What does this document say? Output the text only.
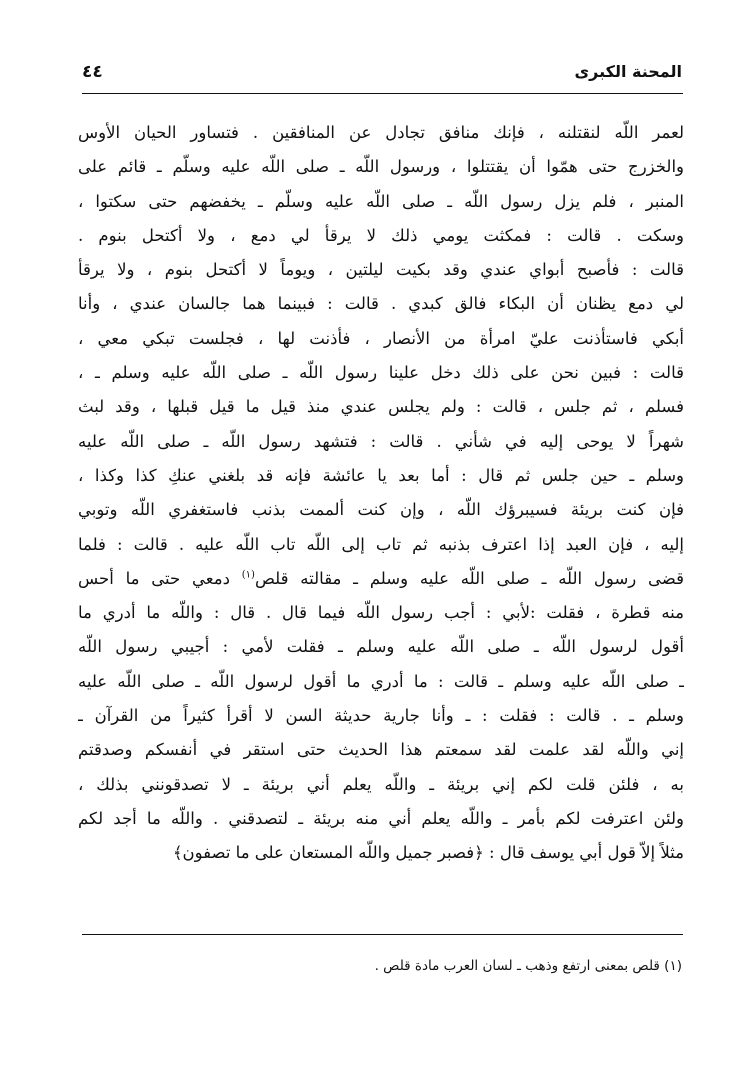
المحنة الكبرى
٤٤
لعمر اللّه لنقتلنه ، فإنك منافق تجادل عن المنافقين . فتساور الحيان الأوس
والخزرج حتى همّوا أن يقتتلوا ، ورسول اللّه ـ صلى اللّه عليه وسلّم ـ قائم على
المنبر ، فلم يزل رسول اللّه ـ صلى اللّه عليه وسلّم ـ يخفضهم حتى سكتوا ،
وسكت . قالت : فمكثت يومي ذلك لا يرقأ لي دمع ، ولا أكتحل بنوم .
قالت : فأصبح أبواي عندي وقد بكيت ليلتين ، ويوماً لا أكتحل بنوم ، ولا يرقأ
لي دمع يظنان أن البكاء فالق كبدي . قالت : فبينما هما جالسان عندي ، وأنا
أبكي فاستأذنت عليّ امرأة من الأنصار ، فأذنت لها ، فجلست تبكي معي ،
قالت : فبين نحن على ذلك دخل علينا رسول اللّه ـ صلى اللّه عليه وسلم ـ ،
فسلم ، ثم جلس ، قالت : ولم يجلس عندي منذ قيل ما قيل قبلها ، وقد لبث
شهراً لا يوحى إليه في شأني . قالت : فتشهد رسول اللّه ـ صلى اللّه عليه
وسلم ـ حين جلس ثم قال : أما بعد يا عائشة فإنه قد بلغني عنكِ كذا وكذا ،
فإن كنت بريئة فسيبرؤك اللّه ، وإن كنت ألممت بذنب فاستغفري اللّه وتوبي
إليه ، فإن العبد إذا اعترف بذنبه ثم تاب إلى اللّه تاب اللّه عليه . قالت : فلما
قضى رسول اللّه ـ صلى اللّه عليه وسلم ـ مقالته قلص$^{(١)}$ دمعي حتى ما أحس
منه قطرة ، فقلت :لأبي : أجب رسول اللّه فيما قال . قال : واللّه ما أدري ما
أقول لرسول اللّه ـ صلى اللّه عليه وسلم ـ فقلت لأمي : أجيبي رسول اللّه
ـ صلى اللّه عليه وسلم ـ قالت : ما أدري ما أقول لرسول اللّه ـ صلى اللّه عليه
وسلم ـ . قالت : فقلت : ـ وأنا جارية حديثة السن لا أقرأ كثيراً من القرآن ـ
إني واللّه لقد علمت لقد سمعتم هذا الحديث حتى استقر في أنفسكم وصدقتم
به ، فلئن قلت لكم إني بريئة ـ واللّه يعلم أني بريئة ـ لا تصدقونني بذلك ،
ولئن اعترفت لكم بأمر ـ واللّه يعلم أني منه بريئة ـ لتصدقني . واللّه ما أجد لكم
مثلاً إلاّ قول أبي يوسف قال : ﴿فصبر جميل واللّه المستعان على ما تصفون﴾
(١) قلص بمعنى ارتفع وذهب ـ لسان العرب مادة قلص .
